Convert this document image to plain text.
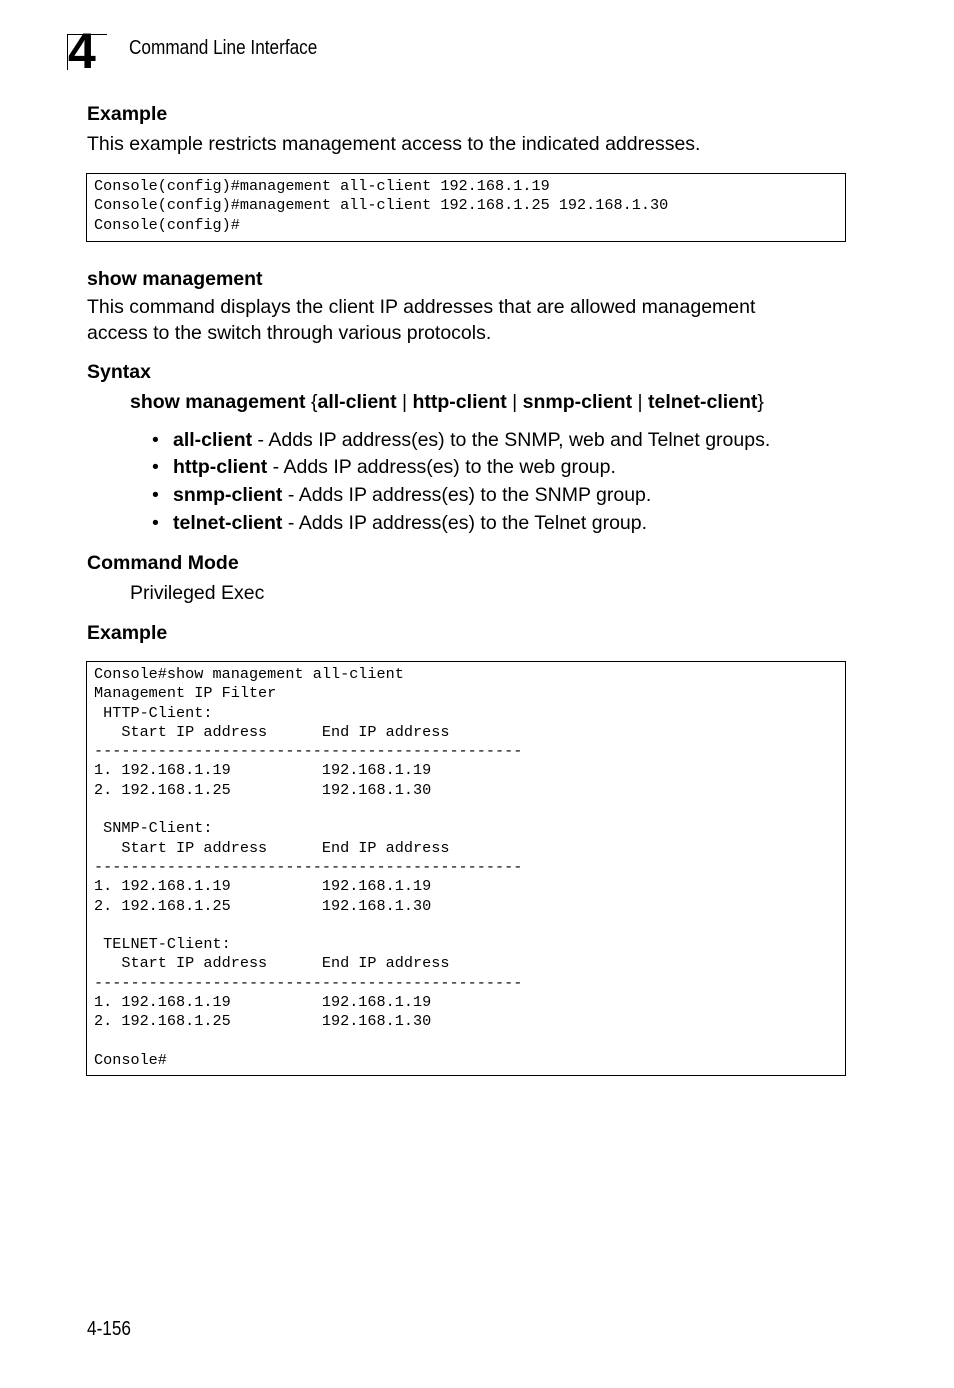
4 Command Line Interface
Example
This example restricts management access to the indicated addresses.
Console(config)#management all-client 192.168.1.19
Console(config)#management all-client 192.168.1.25 192.168.1.30
Console(config)#
show management
This command displays the client IP addresses that are allowed management
access to the switch through various protocols.
Syntax
show management {all-client | http-client | snmp-client | telnet-client}
• all-client - Adds IP address(es) to the SNMP, web and Telnet groups.
• http-client - Adds IP address(es) to the web group.
• snmp-client - Adds IP address(es) to the SNMP group.
• telnet-client - Adds IP address(es) to the Telnet group.
Command Mode
Privileged Exec
Example
Console#show management all-client
Management IP Filter
HTTP-Client:
Start IP address      End IP address
-----------------------------------------------
1. 192.168.1.19          192.168.1.19
2. 192.168.1.25          192.168.1.30
SNMP-Client:
Start IP address      End IP address
-----------------------------------------------
1. 192.168.1.19          192.168.1.19
2. 192.168.1.25          192.168.1.30
TELNET-Client:
Start IP address      End IP address
-----------------------------------------------
1. 192.168.1.19          192.168.1.19
2. 192.168.1.25          192.168.1.30
Console#
4-156
